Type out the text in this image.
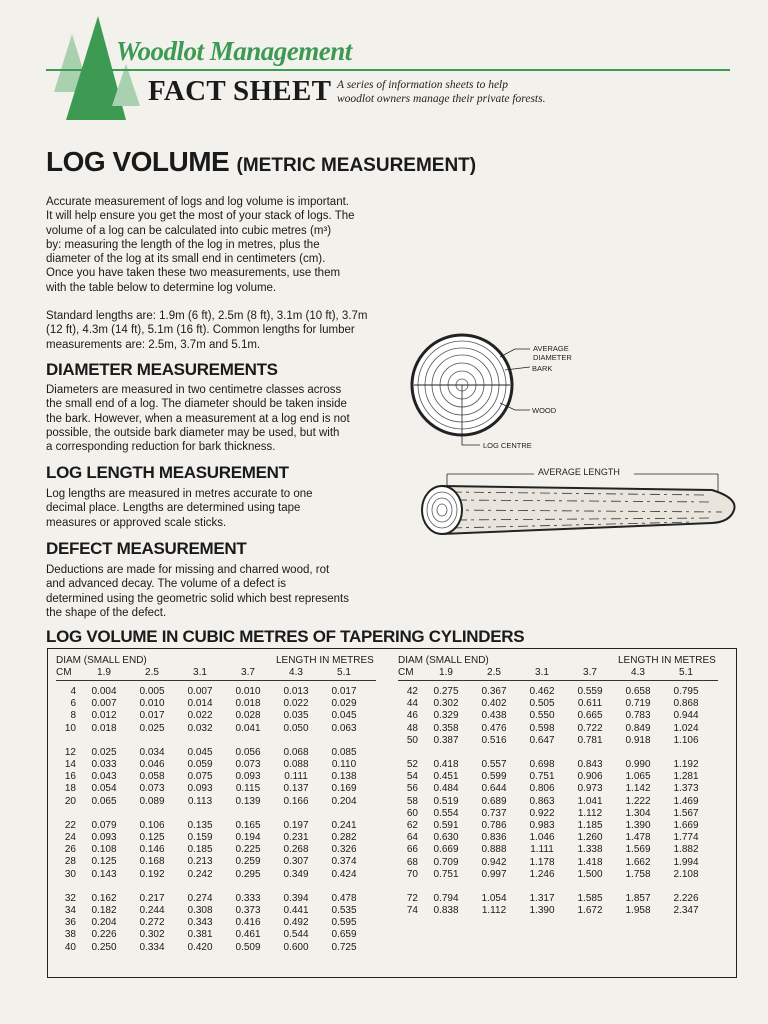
Woodlot Management
FACT SHEET A series of information sheets to help
woodlot owners manage their private forests.
LOG VOLUME (METRIC MEASUREMENT)
Accurate measurement of logs and log volume is important.
It will help ensure you get the most of your stack of logs. The
volume of a log can be calculated into cubic metres (m³)
by: measuring the length of the log in metres, plus the
diameter of the log at its small end in centimeters (cm).
Once you have taken these two measurements, use them
with the table below to determine log volume.
Standard lengths are: 1.9m (6 ft), 2.5m (8 ft), 3.1m (10 ft), 3.7m
(12 ft), 4.3m (14 ft), 5.1m (16 ft). Common lengths for lumber
measurements are: 2.5m, 3.7m and 5.1m.
DIAMETER MEASUREMENTS
Diameters are measured in two centimetre classes across
the small end of a log. The diameter should be taken inside
the bark. However, when a measurement at a log end is not
possible, the outside bark diameter may be used, but with
a corresponding reduction for bark thickness.
LOG LENGTH MEASUREMENT
Log lengths are measured in metres accurate to one
decimal place. Lengths are determined using tape
measures or approved scale sticks.
DEFECT MEASUREMENT
Deductions are made for missing and charred wood, rot
and advanced decay. The volume of a defect is
determined using the geometric solid which best represents
the shape of the defect.
AVERAGE
DIAMETER
BARK
WOOD
LOG CENTRE
AVERAGE LENGTH
LOG VOLUME IN CUBIC METRES OF TAPERING CYLINDERS
DIAM (SMALL END)	LENGTH IN METRES
CM	1.9	2.5	3.1	3.7	4.3	5.1
4	0.004	0.005	0.007	0.010	0.013	0.017
6	0.007	0.010	0.014	0.018	0.022	0.029
8	0.012	0.017	0.022	0.028	0.035	0.045
10	0.018	0.025	0.032	0.041	0.050	0.063
12	0.025	0.034	0.045	0.056	0.068	0.085
14	0.033	0.046	0.059	0.073	0.088	0.110
16	0.043	0.058	0.075	0.093	0.111	0.138
18	0.054	0.073	0.093	0.115	0.137	0.169
20	0.065	0.089	0.113	0.139	0.166	0.204
22	0.079	0.106	0.135	0.165	0.197	0.241
24	0.093	0.125	0.159	0.194	0.231	0.282
26	0.108	0.146	0.185	0.225	0.268	0.326
28	0.125	0.168	0.213	0.259	0.307	0.374
30	0.143	0.192	0.242	0.295	0.349	0.424
32	0.162	0.217	0.274	0.333	0.394	0.478
34	0.182	0.244	0.308	0.373	0.441	0.535
36	0.204	0.272	0.343	0.416	0.492	0.595
38	0.226	0.302	0.381	0.461	0.544	0.659
40	0.250	0.334	0.420	0.509	0.600	0.725
DIAM (SMALL END)	LENGTH IN METRES
CM	1.9	2.5	3.1	3.7	4.3	5.1
42	0.275	0.367	0.462	0.559	0.658	0.795
44	0.302	0.402	0.505	0.611	0.719	0.868
46	0.329	0.438	0.550	0.665	0.783	0.944
48	0.358	0.476	0.598	0.722	0.849	1.024
50	0.387	0.516	0.647	0.781	0.918	1.106
52	0.418	0.557	0.698	0.843	0.990	1.192
54	0.451	0.599	0.751	0.906	1.065	1.281
56	0.484	0.644	0.806	0.973	1.142	1.373
58	0.519	0.689	0.863	1.041	1.222	1.469
60	0.554	0.737	0.922	1.112	1.304	1.567
62	0.591	0.786	0.983	1.185	1.390	1.669
64	0.630	0.836	1.046	1.260	1.478	1.774
66	0.669	0.888	1.111	1.338	1.569	1.882
68	0.709	0.942	1.178	1.418	1.662	1.994
70	0.751	0.997	1.246	1.500	1.758	2.108
72	0.794	1.054	1.317	1.585	1.857	2.226
74	0.838	1.112	1.390	1.672	1.958	2.347
